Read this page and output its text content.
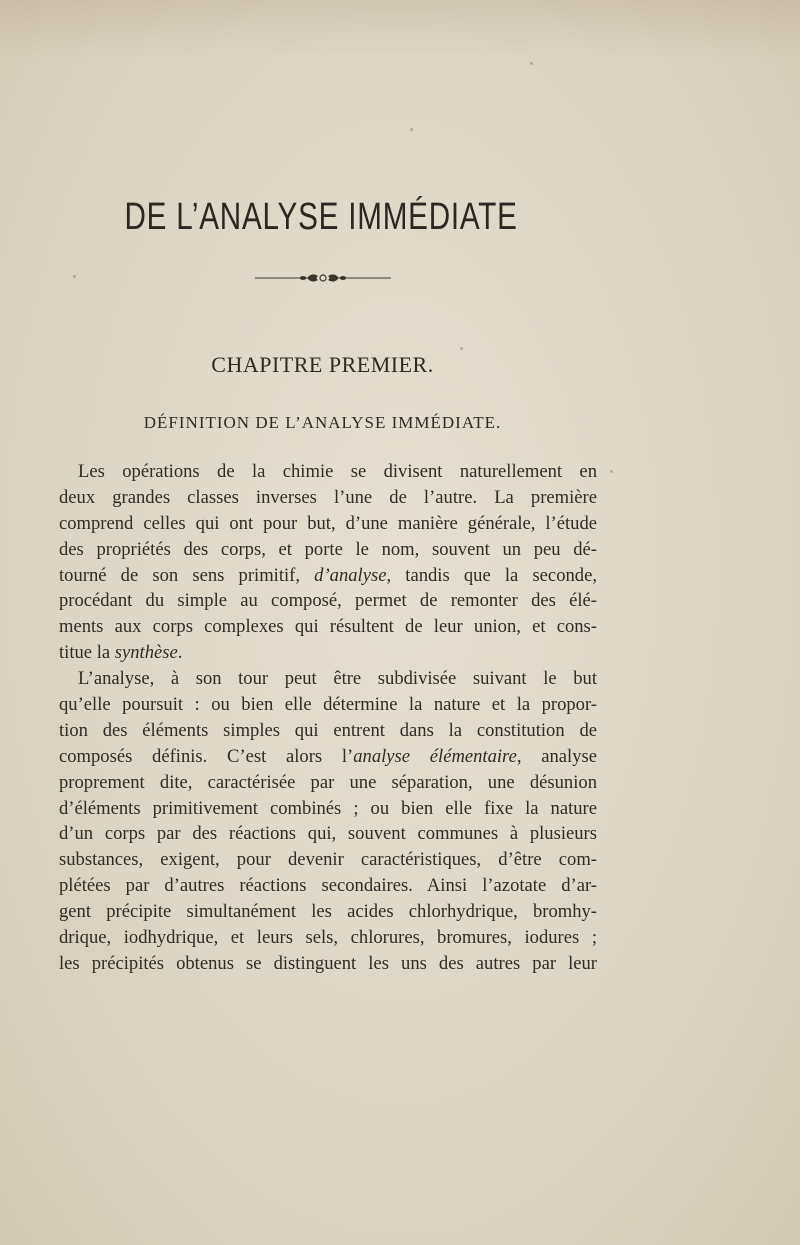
DE L’ANALYSE IMMÉDIATE
CHAPITRE PREMIER.
DÉFINITION DE L’ANALYSE IMMÉDIATE.
Les opérations de la chimie se divisent naturellement en
deux grandes classes inverses l’une de l’autre. La première
comprend celles qui ont pour but, d’une manière générale, l’étude
des propriétés des corps, et porte le nom, souvent un peu dé-
tourné de son sens primitif, d’analyse, tandis que la seconde,
procédant du simple au composé, permet de remonter des élé-
ments aux corps complexes qui résultent de leur union, et cons-
titue la synthèse.
L’analyse, à son tour peut être subdivisée suivant le but
qu’elle poursuit : ou bien elle détermine la nature et la propor-
tion des éléments simples qui entrent dans la constitution de
composés définis. C’est alors l’analyse élémentaire, analyse
proprement dite, caractérisée par une séparation, une désunion
d’éléments primitivement combinés ; ou bien elle fixe la nature
d’un corps par des réactions qui, souvent communes à plusieurs
substances, exigent, pour devenir caractéristiques, d’être com-
plétées par d’autres réactions secondaires. Ainsi l’azotate d’ar-
gent précipite simultanément les acides chlorhydrique, bromhy-
drique, iodhydrique, et leurs sels, chlorures, bromures, iodures ;
les précipités obtenus se distinguent les uns des autres par leur
